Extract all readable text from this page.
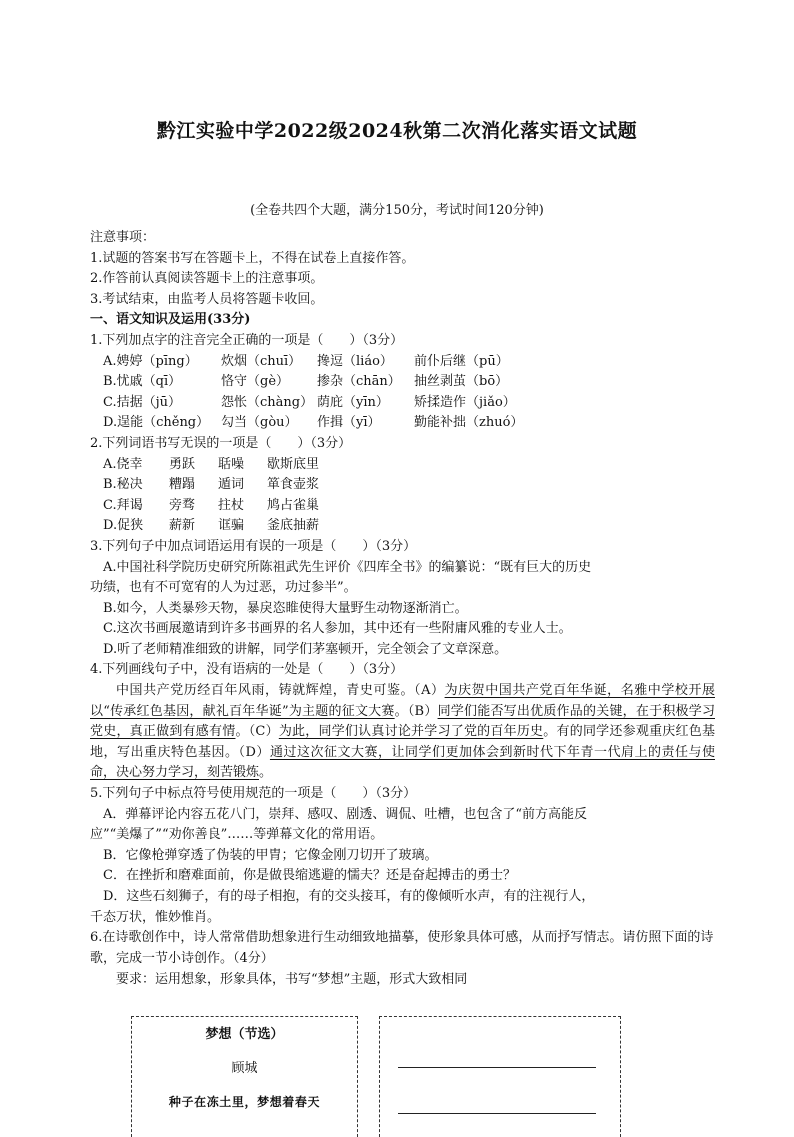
黔江实验中学2022级2024秋第二次消化落实语文试题
(全卷共四个大题，满分150分，考试时间120分钟)
注意事项：
1.试题的答案书写在答题卡上，不得在试卷上直接作答。
2.作答前认真阅读答题卡上的注意事项。
3.考试结束，由监考人员将答题卡收回。
一、语文知识及运用(33分)
1.下列加点字的注音完全正确的一项是（　　）（3分）
A.娉婷（pīng）	炊烟（chuī）	搀逗（liáo）	前仆后继（pū）
B.忧戚（qī）	恪守（gè）	掺杂（chān）	抽丝剥茧（bō）
C.拮据（jū）	怨怅（chàng） 荫庇（yīn）	矫揉造作（jiǎo）
D.逞能（chěng） 勾当（gòu）	作揖（yī）	勤能补拙（zhuó）
2.下列词语书写无误的一项是（　　）（3分）
A.侥幸	勇跃	聒噪	歇斯底里
B.秘决	糟蹋	遁词	箪食壶浆
C.拜谒	旁骛	拄杖	鸠占雀巢
D.促狭	薪新	诓骗	釜底抽薪
3.下列句子中加点词语运用有误的一项是（　　）（3分）
A.中国社科学院历史研究所陈祖武先生评价《四库全书》的编纂说：“既有巨大的历史
功绩，也有不可宽宥的人为过恶，功过参半”。
B.如今，人类暴殄天物，暴戾恣睢使得大量野生动物逐渐消亡。
C.这次书画展邀请到许多书画界的名人参加，其中还有一些附庸风雅的专业人士。
D.听了老师精准细致的讲解，同学们茅塞顿开，完全领会了文章深意。
4.下列画线句子中，没有语病的一处是（　　）（3分）
中国共产党历经百年风雨，铸就辉煌，青史可鉴。（A）为庆贺中国共产党百年华诞，名雅中学校开展以“传承红色基因，献礼百年华诞”为主题的征文大赛。（B）同学们能否写出优质作品的关键，在于积极学习党史，真正做到有感有情。（C）为此，同学们认真讨论并学习了党的百年历史。有的同学还参观重庆红色基地，写出重庆特色基因。（D）通过这次征文大赛，让同学们更加体会到新时代下年青一代肩上的责任与使命，决心努力学习，刻苦锻炼。
5.下列句子中标点符号使用规范的一项是（　　）（3分）
A．弹幕评论内容五花八门，崇拜、感叹、剧透、调侃、吐槽，也包含了“前方高能反
应”“美爆了”“劝你善良”……等弹幕文化的常用语。
B．它像枪弹穿透了伪装的甲胄；它像金刚刀切开了玻璃。
C．在挫折和磨难面前，你是做畏缩逃避的懦夫？还是奋起搏击的勇士？
D．这些石刻狮子，有的母子相抱，有的交头接耳，有的像倾听水声，有的注视行人，
千态万状，惟妙惟肖。
6.在诗歌创作中，诗人常常借助想象进行生动细致地描摹，使形象具体可感，从而抒写情志。请仿照下面的诗歌，完成一节小诗创作。（4分）
要求：运用想象，形象具体，书写“梦想”主题，形式大致相同
梦想（节选）
顾城
种子在冻土里，梦想着春天
